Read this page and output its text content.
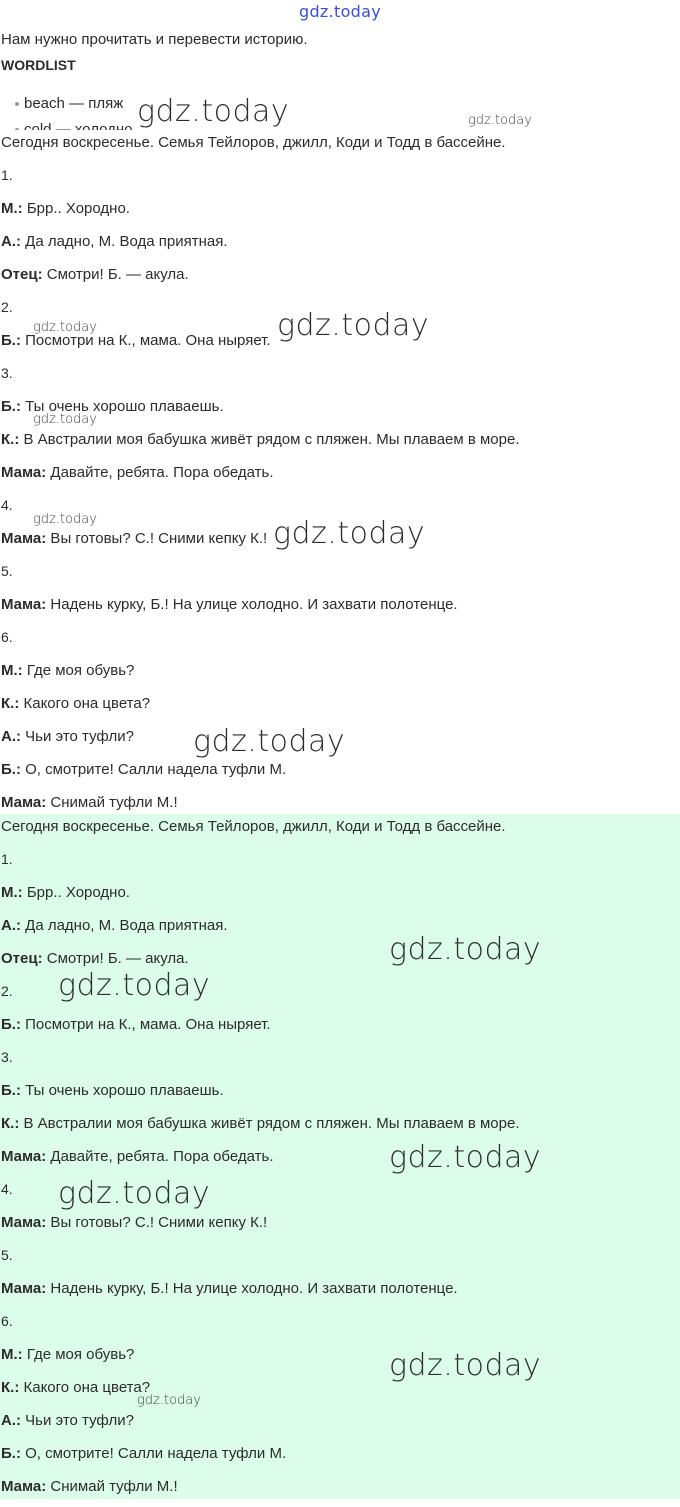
gdz.today

Нам нужно прочитать и перевести историю.

WORDLIST

beach — пляж

Сегодня воскресенье. Семья Тейлоров, джилл, Коди и Тодд в бассейне.

1.

М.: Брр.. Хородно.

А.: Да ладно, М. Вода приятная.

Отец: Смотри! Б. — акула.

2.

Б.: Посмотри на К., мама. Она ныряет.

3.

Б.: Ты очень хорошо плаваешь.

К.: В Австралии моя бабушка живёт рядом с пляжен. Мы плаваем в море.

Мама: Давайте, ребята. Пора обедать.

4.

Мама: Вы готовы? С.! Сними кепку К.!

5.

Мама: Надень курку, Б.! На улице холодно. И захвати полотенце.

6.

М.: Где моя обувь?

К.: Какого она цвета?

А.: Чьи это туфли?

Б.: О, смотрите! Салли надела туфли М.

Мама: Снимай туфли М.!

Сегодня воскресенье. Семья Тейлоров, джилл, Коди и Тодд в бассейне.

1.

М.: Брр.. Хородно.

А.: Да ладно, М. Вода приятная.

Отец: Смотри! Б. — акула.

2.

Б.: Посмотри на К., мама. Она ныряет.

3.

Б.: Ты очень хорошо плаваешь.

К.: В Австралии моя бабушка живёт рядом с пляжен. Мы плаваем в море.

Мама: Давайте, ребята. Пора обедать.

4.

Мама: Вы готовы? С.! Сними кепку К.!

5.

Мама: Надень курку, Б.! На улице холодно. И захвати полотенце.

6.

М.: Где моя обувь?

К.: Какого она цвета?

А.: Чьи это туфли?

Б.: О, смотрите! Салли надела туфли М.

Мама: Снимай туфли М.!

gdz.today	gdz.today
gdz.today
gdz.today
gdz.today
gdz.today	gdz.today
gdz.today
gdz.today
gdz.today
gdz.today
gdz.today
gdz.today
gdz.today
